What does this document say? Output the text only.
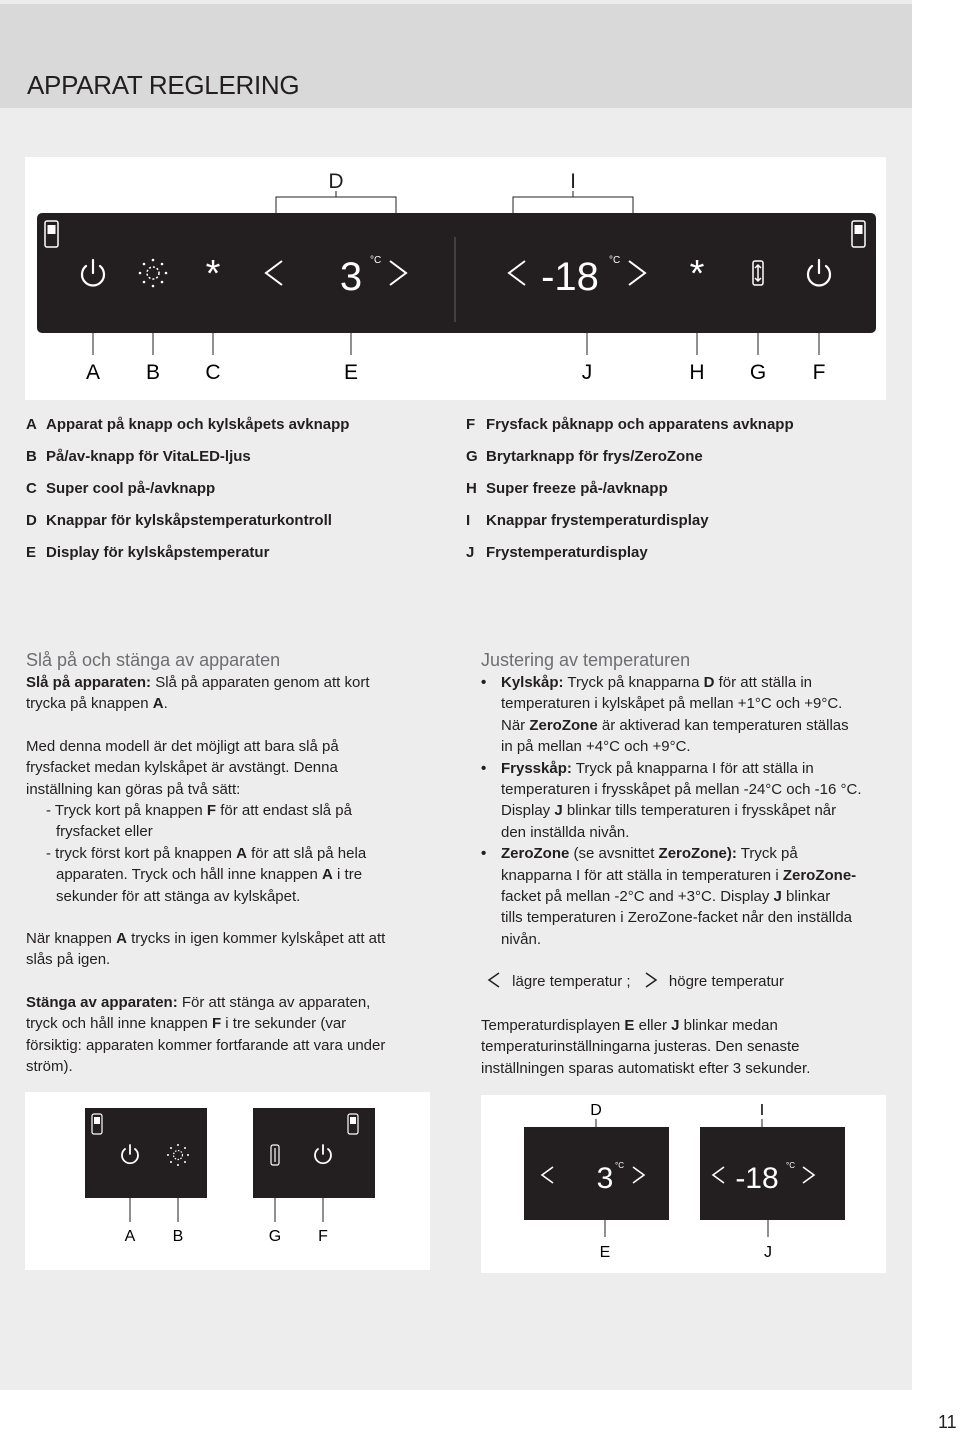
APPARAT REGLERING
D	I
*	3 °C	-18 °C *
A B C	E	J	H G F
A Apparat på knapp och kylskåpets avknapp
B På/av-knapp för VitaLED-ljus
C Super cool på-/avknapp
D Knappar för kylskåpstemperaturkontroll
E Display för kylskåpstemperatur
F Frysfack påknapp och apparatens avknapp
G Brytarknapp för frys/ZeroZone
H Super freeze på-/avknapp
I Knappar frystemperaturdisplay
J Frystemperaturdisplay
Slå på och stänga av apparaten
Slå på apparaten: Slå på apparaten genom att kort
trycka på knappen A.
Med denna modell är det möjligt att bara slå på
frysfacket medan kylskåpet är avstängt. Denna
inställning kan göras på två sätt:
- Tryck kort på knappen F för att endast slå på
frysfacket eller
- tryck först kort på knappen A för att slå på hela
apparaten. Tryck och håll inne knappen A i tre
sekunder för att stänga av kylskåpet.
När knappen A trycks in igen kommer kylskåpet att att
slås på igen.
Stänga av apparaten: För att stänga av apparaten,
tryck och håll inne knappen F i tre sekunder (var
försiktig: apparaten kommer fortfarande att vara under
ström).
Justering av temperaturen
• Kylskåp: Tryck på knapparna D för att ställa in
temperaturen i kylskåpet på mellan +1°C och +9°C.
När ZeroZone är aktiverad kan temperaturen ställas
in på mellan +4°C och +9°C.
• Frysskåp: Tryck på knapparna I för att ställa in
temperaturen i frysskåpet på mellan -24°C och -16 °C.
Display J blinkar tills temperaturen i frysskåpet når
den inställda nivån.
• ZeroZone (se avsnittet ZeroZone): Tryck på
knapparna I för att ställa in temperaturen i ZeroZone-
facket på mellan -2°C and +3°C. Display J blinkar
tills temperaturen i ZeroZone-facket når den inställda
nivån.
lägre temperatur ;	högre temperatur
Temperaturdisplayen E eller J blinkar medan
temperaturinställningarna justeras. Den senaste
inställningen sparas automatiskt efter 3 sekunder.
A B	G F
D	I
3 °C	-18 °C
E	J
11
